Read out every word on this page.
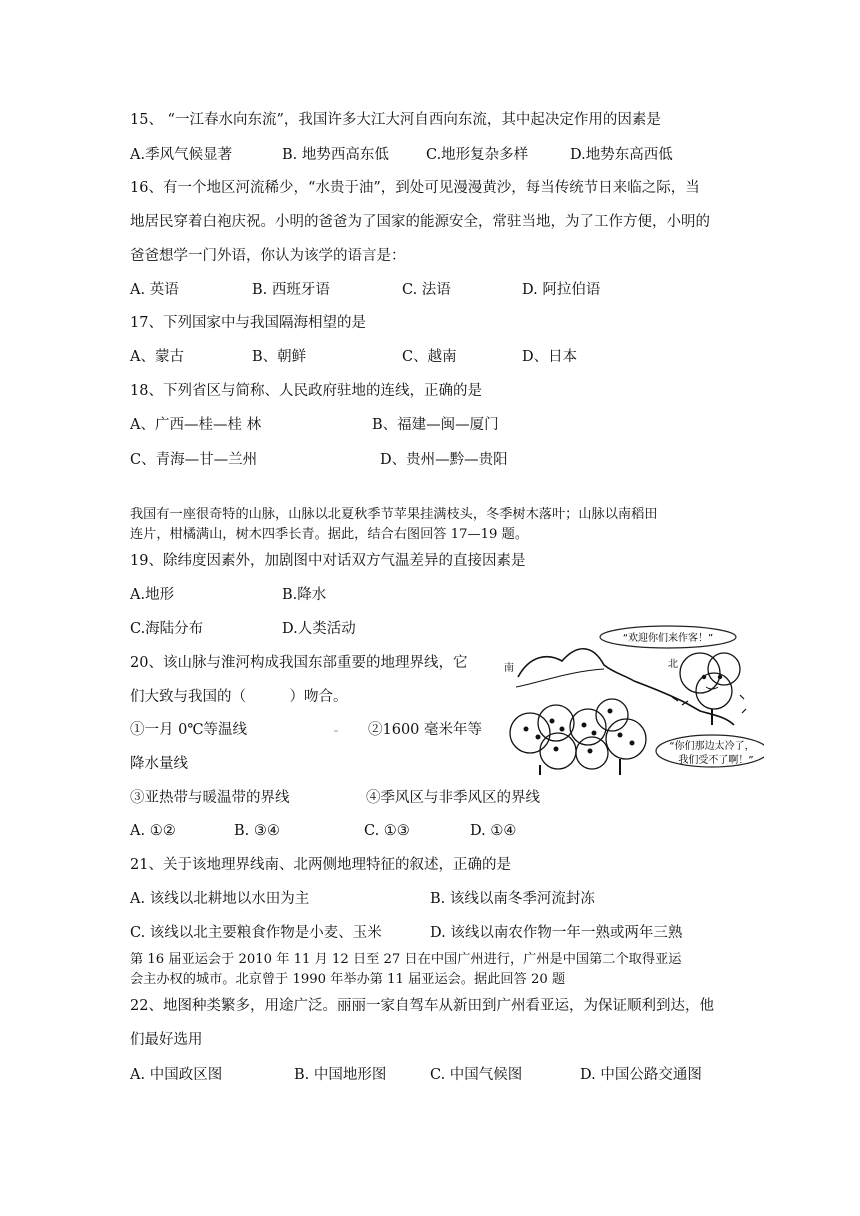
15、 “一江春水向东流”，我国许多大江大河自西向东流，其中起决定作用的因素是
A.季风气候显著	B. 地势西高东低	C.地形复杂多样	D.地势东高西低
16、有一个地区河流稀少，“水贵于油”，到处可见漫漫黄沙，每当传统节日来临之际，当
地居民穿着白袍庆祝。小明的爸爸为了国家的能源安全，常驻当地，为了工作方便，小明的
爸爸想学一门外语，你认为该学的语言是：
A. 英语	B. 西班牙语	C. 法语	D. 阿拉伯语
17、下列国家中与我国隔海相望的是
A、蒙古	B、朝鲜	C、越南	D、日本
18、下列省区与简称、人民政府驻地的连线，正确的是
A、广西—桂—桂 林	B、福建—闽—厦门
C、青海—甘—兰州	D、贵州—黔—贵阳
我国有一座很奇特的山脉，山脉以北夏秋季节苹果挂满枝头，冬季树木落叶；山脉以南稻田
连片，柑橘满山，树木四季长青。据此，结合右图回答 17—19 题。
19、除纬度因素外，加剧图中对话双方气温差异的直接因素是
A.地形	B.降水
C.海陆分布	D.人类活动
20、该山脉与淮河构成我国东部重要的地理界线，它
们大致与我国的（　　　）吻合。
①一月 0℃等温线	②1600 毫米年等
降水量线
③亚热带与暖温带的界线	④季风区与非季风区的界线
A. ①②	B. ③④	C. ①③	D. ①④
“欢迎你们来作客！”
南	北
“你们那边太冷了，
我们受不了啊！”
21、关于该地理界线南、北两侧地理特征的叙述，正确的是
A. 该线以北耕地以水田为主	B. 该线以南冬季河流封冻
C. 该线以北主要粮食作物是小麦、玉米	D. 该线以南农作物一年一熟或两年三熟
第 16 届亚运会于 2010 年 11 月 12 日至 27 日在中国广州进行，广州是中国第二个取得亚运
会主办权的城市。北京曾于 1990 年举办第 11 届亚运会。据此回答 20 题
22、地图种类繁多，用途广泛。丽丽一家自驾车从新田到广州看亚运，为保证顺利到达，他
们最好选用
A. 中国政区图	B. 中国地形图	C. 中国气候图	D. 中国公路交通图
